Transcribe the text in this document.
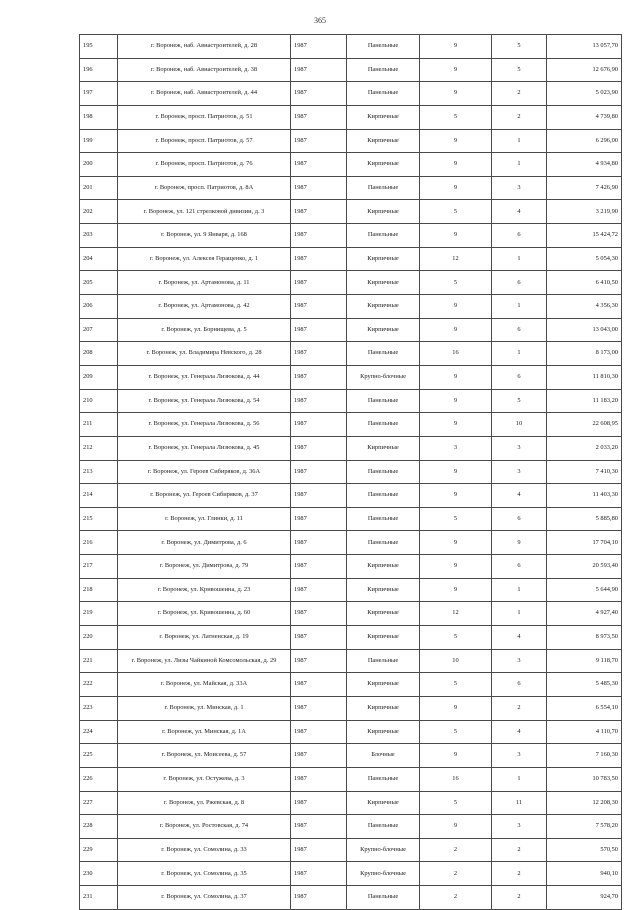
365
195	г. Воронеж, наб. Авиастроителей, д. 28	1987	Панельные	9	5	13 057,70
196	г. Воронеж, наб. Авиастроителей, д. 38	1987	Панельные	9	5	12 676,90
197	г. Воронеж, наб. Авиастроителей, д. 44	1987	Панельные	9	2	5 023,90
198	г. Воронеж, просп. Патриотов, д. 51	1987	Кирпичные	5	2	4 739,80
199	г. Воронеж, просп. Патриотов, д. 57	1987	Кирпичные	9	1	6 296,00
200	г. Воронеж, просп. Патриотов, д. 76	1987	Кирпичные	9	1	4 934,80
201	г. Воронеж, просп. Патриотов, д. 8А	1987	Панельные	9	3	7 426,90
202	г. Воронеж, ул. 121 стрелковой дивизии, д. 3	1987	Кирпичные	5	4	3 219,90
203	г. Воронеж, ул. 9 Января, д. 168	1987	Панельные	9	6	15 424,72
204	г. Воронеж, ул. Алексея Геращенко, д. 1	1987	Кирпичные	12	1	5 054,30
205	г. Воронеж, ул. Артамонова, д. 11	1987	Кирпичные	5	6	6 410,50
206	г. Воронеж, ул. Артамонова, д. 42	1987	Кирпичные	9	1	4 356,30
207	г. Воронеж, ул. Борнищева, д. 5	1987	Кирпичные	9	6	13 043,00
208	г. Воронеж, ул. Владимира Невского, д. 28	1987	Панельные	16	1	8 173,00
209	г. Воронеж, ул. Генерала Лизюкова, д. 44	1987	Крупно-блочные	9	6	11 810,30
210	г. Воронеж, ул. Генерала Лизюкова, д. 54	1987	Панельные	9	5	11 183,20
211	г. Воронеж, ул. Генерала Лизюкова, д. 56	1987	Панельные	9	10	22 608,95
212	г. Воронеж, ул. Генерала Лизюкова, д. 45	1987	Кирпичные	3	3	2 033,20
213	г. Воронеж, ул. Героев Сибиряков, д. 36А	1987	Панельные	9	3	7 410,30
214	г. Воронеж, ул. Героев Сибиряков, д. 37	1987	Панельные	9	4	11 403,30
215	г. Воронеж, ул. Глинки, д. 11	1987	Панельные	5	6	5 885,80
216	г. Воронеж, ул. Димитрова, д. 6	1987	Панельные	9	9	17 704,10
217	г. Воронеж, ул. Димитрова, д. 79	1987	Кирпичные	9	6	20 593,40
218	г. Воронеж, ул. Кривошеина, д. 23	1987	Кирпичные	9	1	5 644,90
219	г. Воронеж, ул. Кривошеина, д. 60	1987	Кирпичные	12	1	4 927,40
220	г. Воронеж, ул. Латненская, д. 19	1987	Кирпичные	5	4	8 973,50
221	г. Воронеж, ул. Лизы Чайкиной Комсомольская, д. 29	1987	Панельные	10	3	9 118,70
222	г. Воронеж, ул. Майская, д. 33А	1987	Кирпичные	5	6	5 485,30
223	г. Воронеж, ул. Минская, д. 1	1987	Кирпичные	9	2	6 554,10
224	г. Воронеж, ул. Минская, д. 1А	1987	Кирпичные	5	4	4 110,70
225	г. Воронеж, ул. Моисеева, д. 57	1987	Блочные	9	3	7 160,30
226	г. Воронеж, ул. Остужева, д. 3	1987	Панельные	16	1	10 783,50
227	г. Воронеж, ул. Ржевская, д. 8	1987	Кирпичные	5	11	12 208,30
228	г. Воронеж, ул. Ростовская, д. 74	1987	Панельные	9	3	7 578,20
229	г. Воронеж, ул. Сомолина, д. 33	1987	Крупно-блочные	2	2	570,50
230	г. Воронеж, ул. Сомолина, д. 35	1987	Крупно-блочные	2	2	940,10
231	г. Воронеж, ул. Сомолина, д. 37	1987	Панельные	2	2	924,70
